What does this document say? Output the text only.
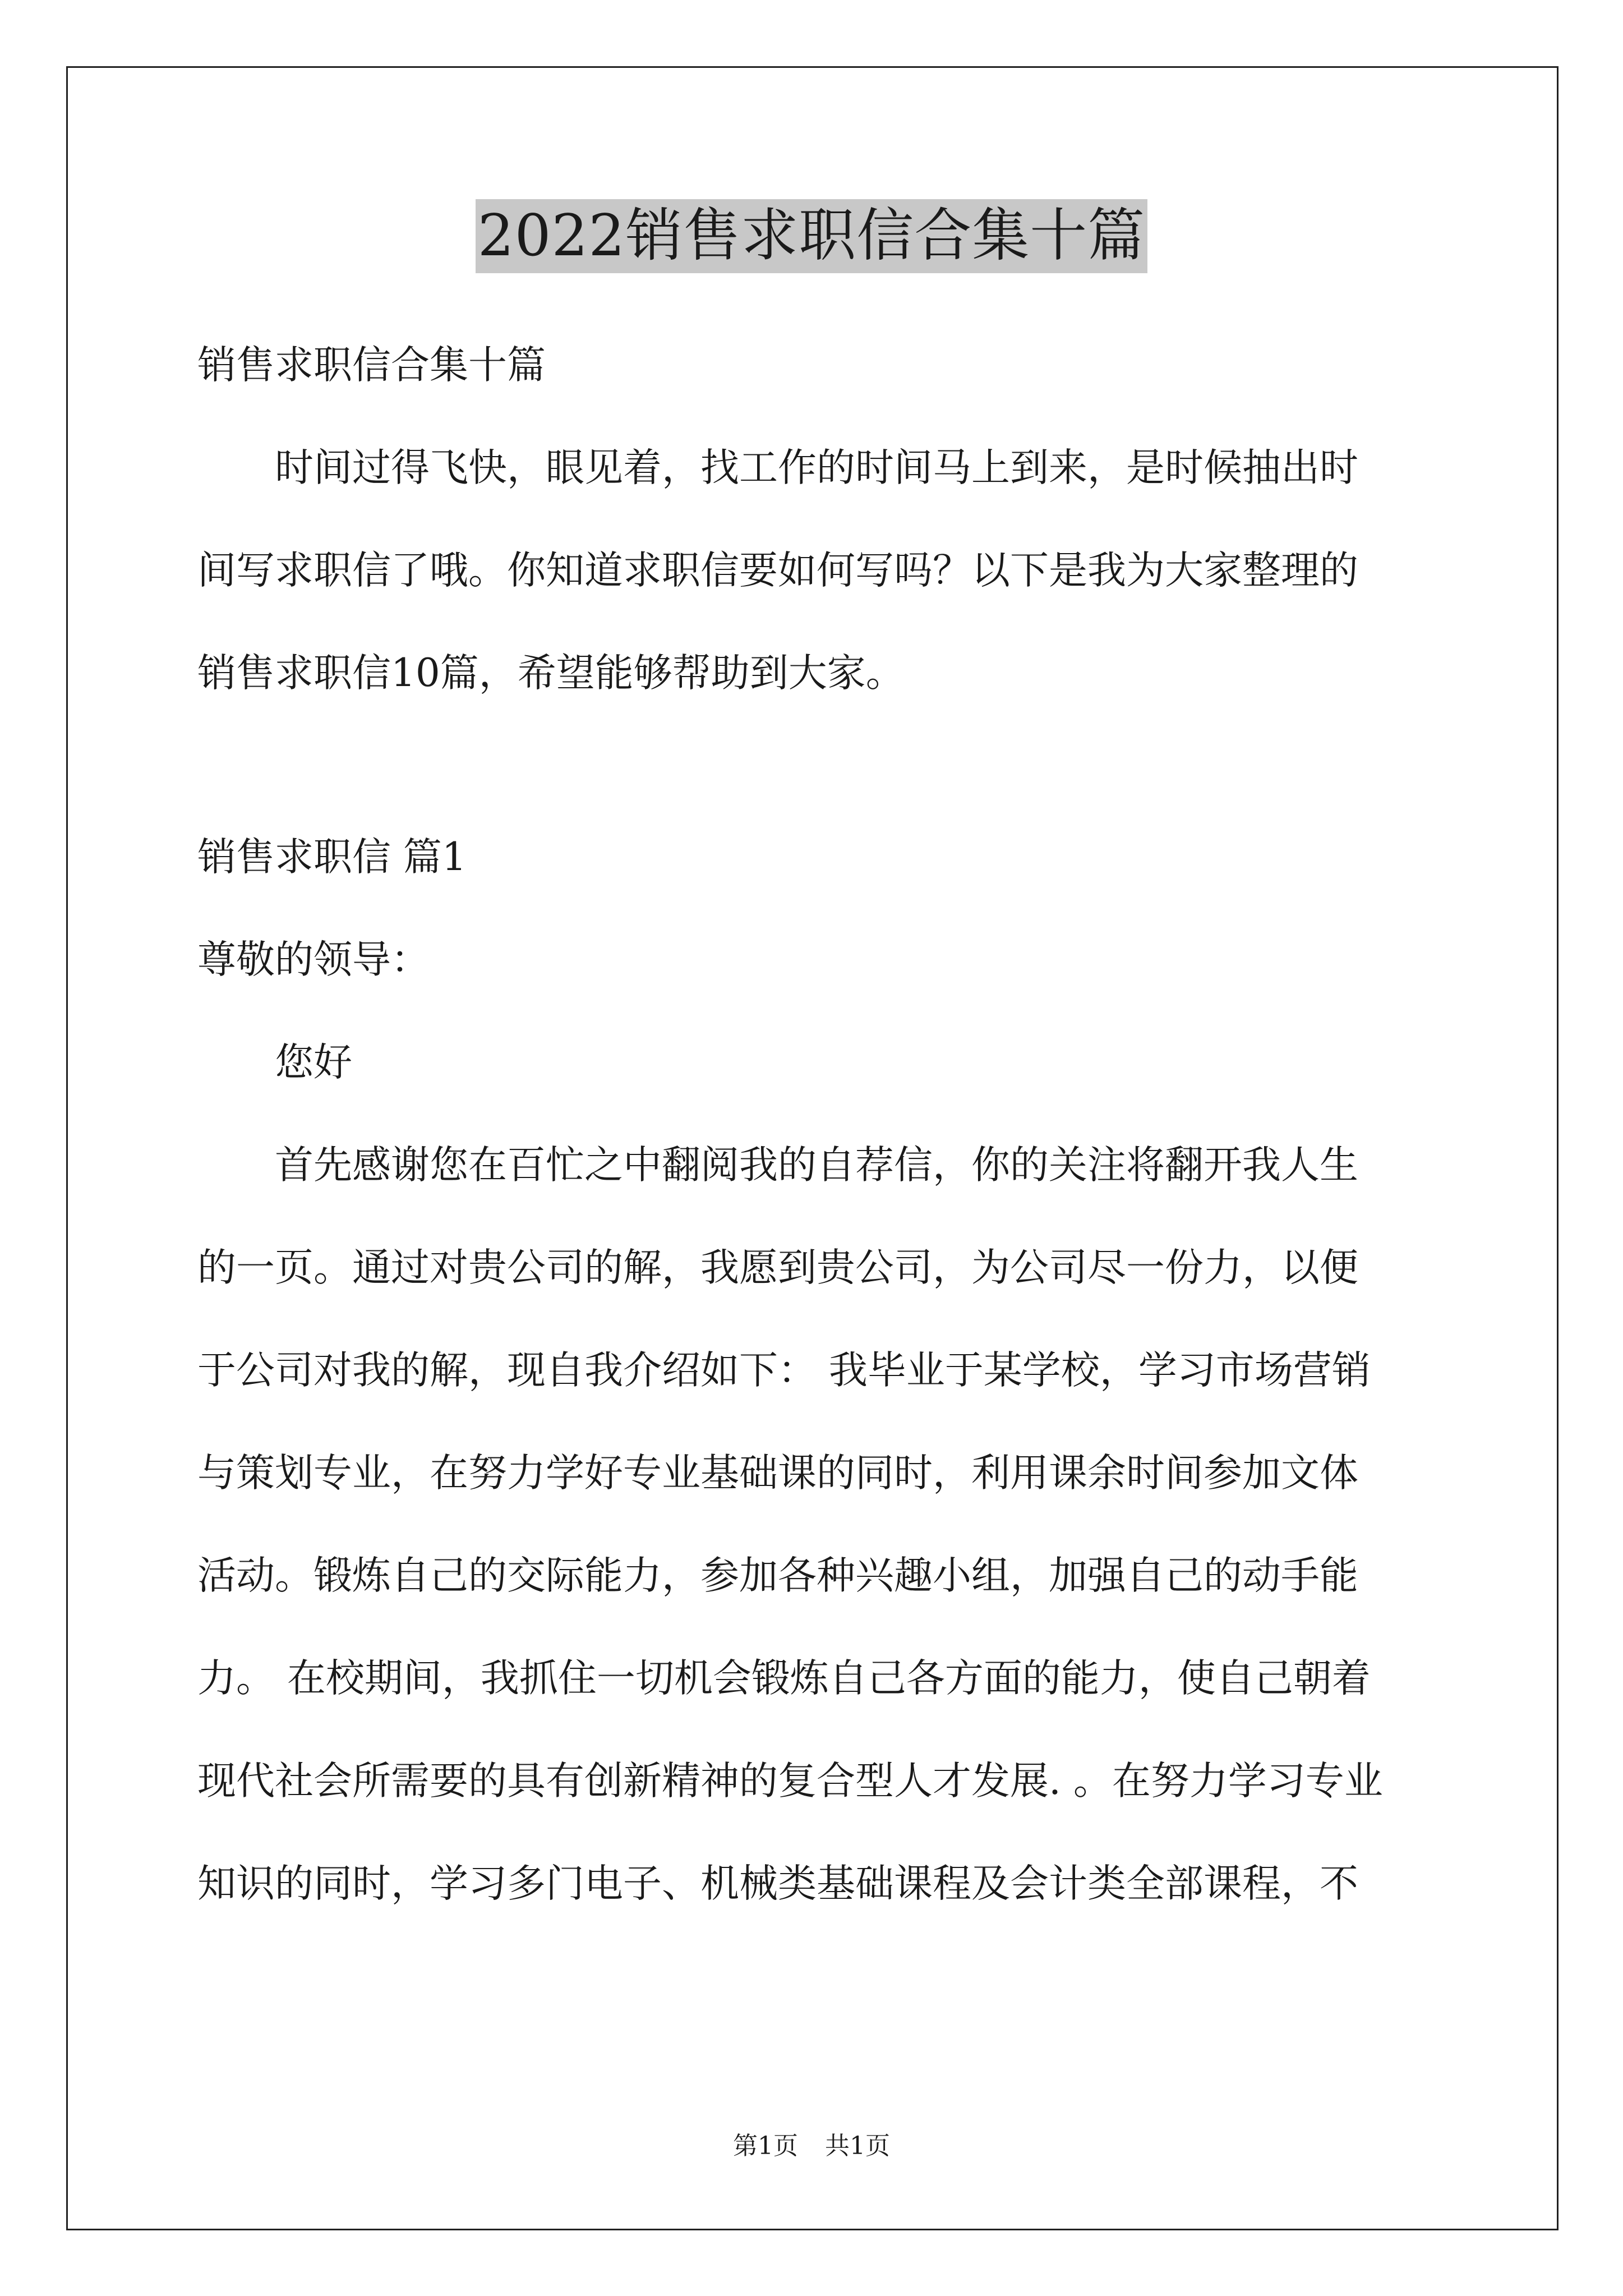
2022销售求职信合集十篇

销售求职信合集十篇

时间过得飞快，眼见着，找工作的时间马上到来，是时候抽出时

间写求职信了哦。你知道求职信要如何写吗？以下是我为大家整理的

销售求职信10篇，希望能够帮助到大家。

销售求职信 篇1

尊敬的领导：

您好

首先感谢您在百忙之中翻阅我的自荐信，你的关注将翻开我人生

的一页。通过对贵公司的解，我愿到贵公司，为公司尽一份力，以便

于公司对我的解，现自我介绍如下： 我毕业于某学校，学习市场营销

与策划专业，在努力学好专业基础课的同时，利用课余时间参加文体

活动。锻炼自己的交际能力，参加各种兴趣小组，加强自己的动手能

力。 在校期间，我抓住一切机会锻炼自己各方面的能力，使自己朝着

现代社会所需要的具有创新精神的复合型人才发展. 。在努力学习专业

知识的同时，学习多门电子、机械类基础课程及会计类全部课程，不

第1页 共1页
